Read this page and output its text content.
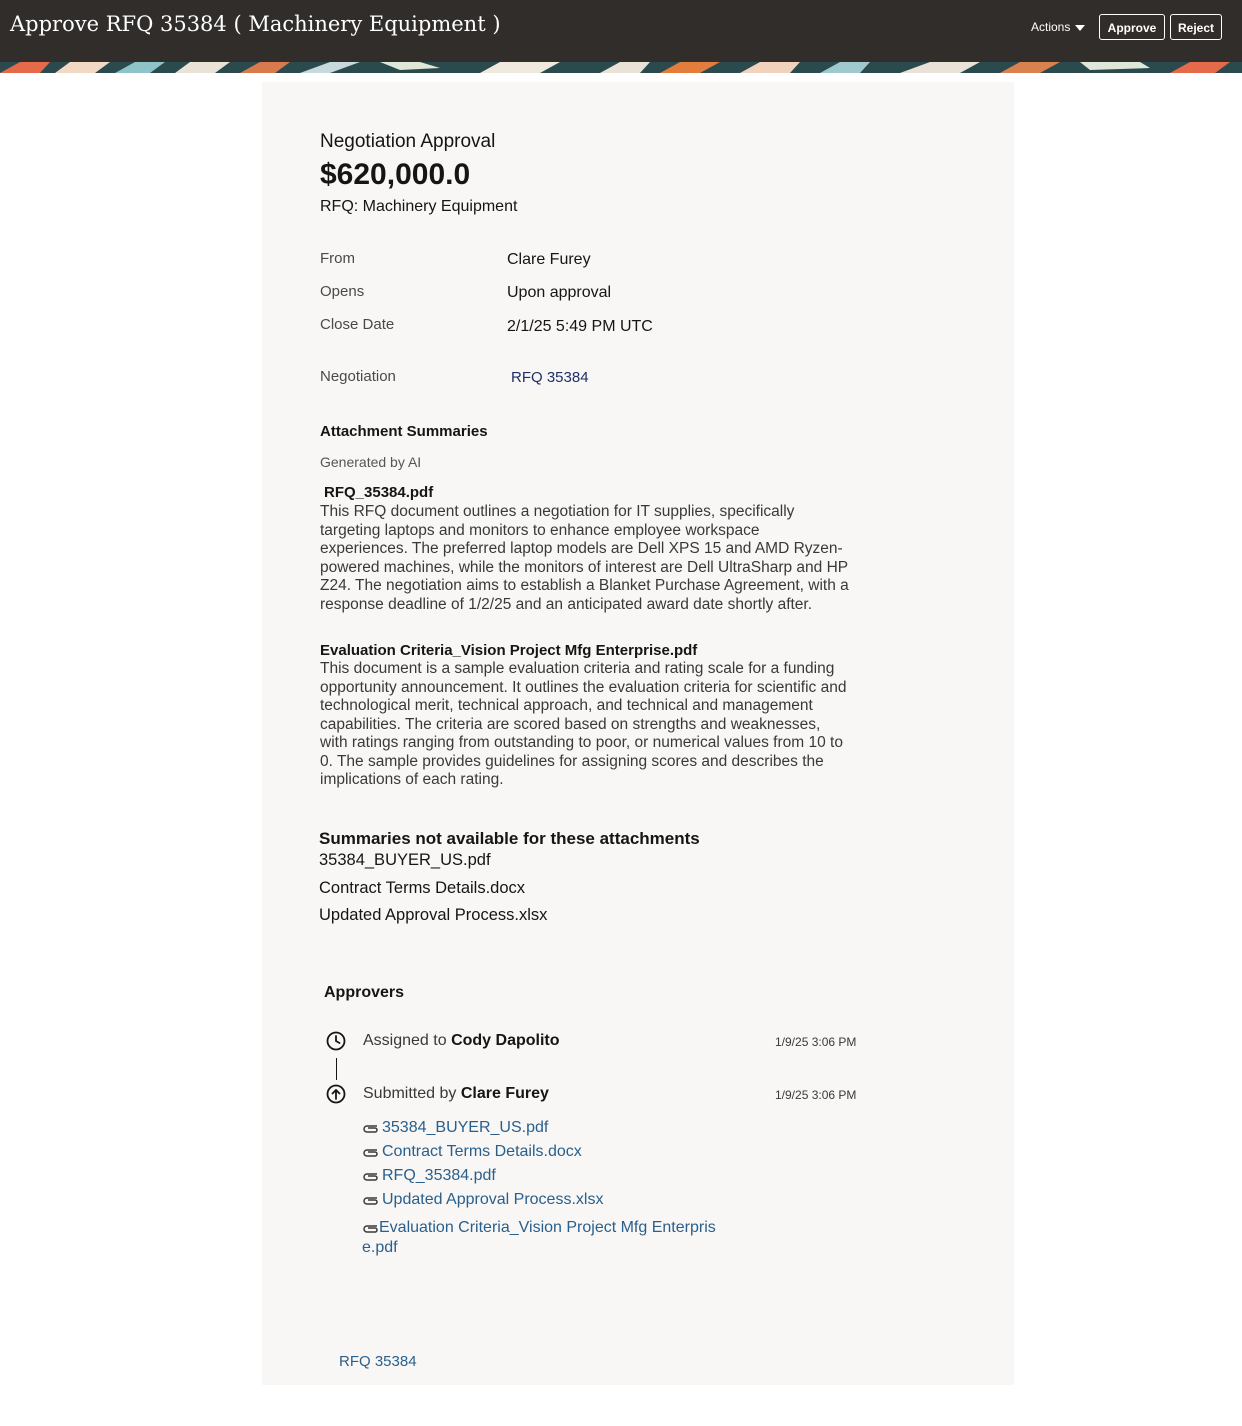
Approve RFQ 35384 ( Machinery Equipment )	Actions	Approve	Reject
Negotiation Approval
$620,000.0
RFQ: Machinery Equipment
From	Clare Furey
Opens	Upon approval
Close Date	2/1/25 5:49 PM UTC
Negotiation	RFQ 35384
Attachment Summaries
Generated by AI
RFQ_35384.pdf
This RFQ document outlines a negotiation for IT supplies, specifically targeting laptops and monitors to enhance employee workspace experiences. The preferred laptop models are Dell XPS 15 and AMD Ryzen-powered machines, while the monitors of interest are Dell UltraSharp and HP Z24. The negotiation aims to establish a Blanket Purchase Agreement, with a response deadline of 1/2/25 and an anticipated award date shortly after.
Evaluation Criteria_Vision Project Mfg Enterprise.pdf
This document is a sample evaluation criteria and rating scale for a funding opportunity announcement. It outlines the evaluation criteria for scientific and technological merit, technical approach, and technical and management capabilities. The criteria are scored based on strengths and weaknesses, with ratings ranging from outstanding to poor, or numerical values from 10 to 0. The sample provides guidelines for assigning scores and describes the implications of each rating.
Summaries not available for these attachments
35384_BUYER_US.pdf
Contract Terms Details.docx
Updated Approval Process.xlsx
Approvers
Assigned to Cody Dapolito	1/9/25 3:06 PM
Submitted by Clare Furey	1/9/25 3:06 PM
35384_BUYER_US.pdf
Contract Terms Details.docx
RFQ_35384.pdf
Updated Approval Process.xlsx
Evaluation Criteria_Vision Project Mfg Enterprise.pdf
RFQ 35384
